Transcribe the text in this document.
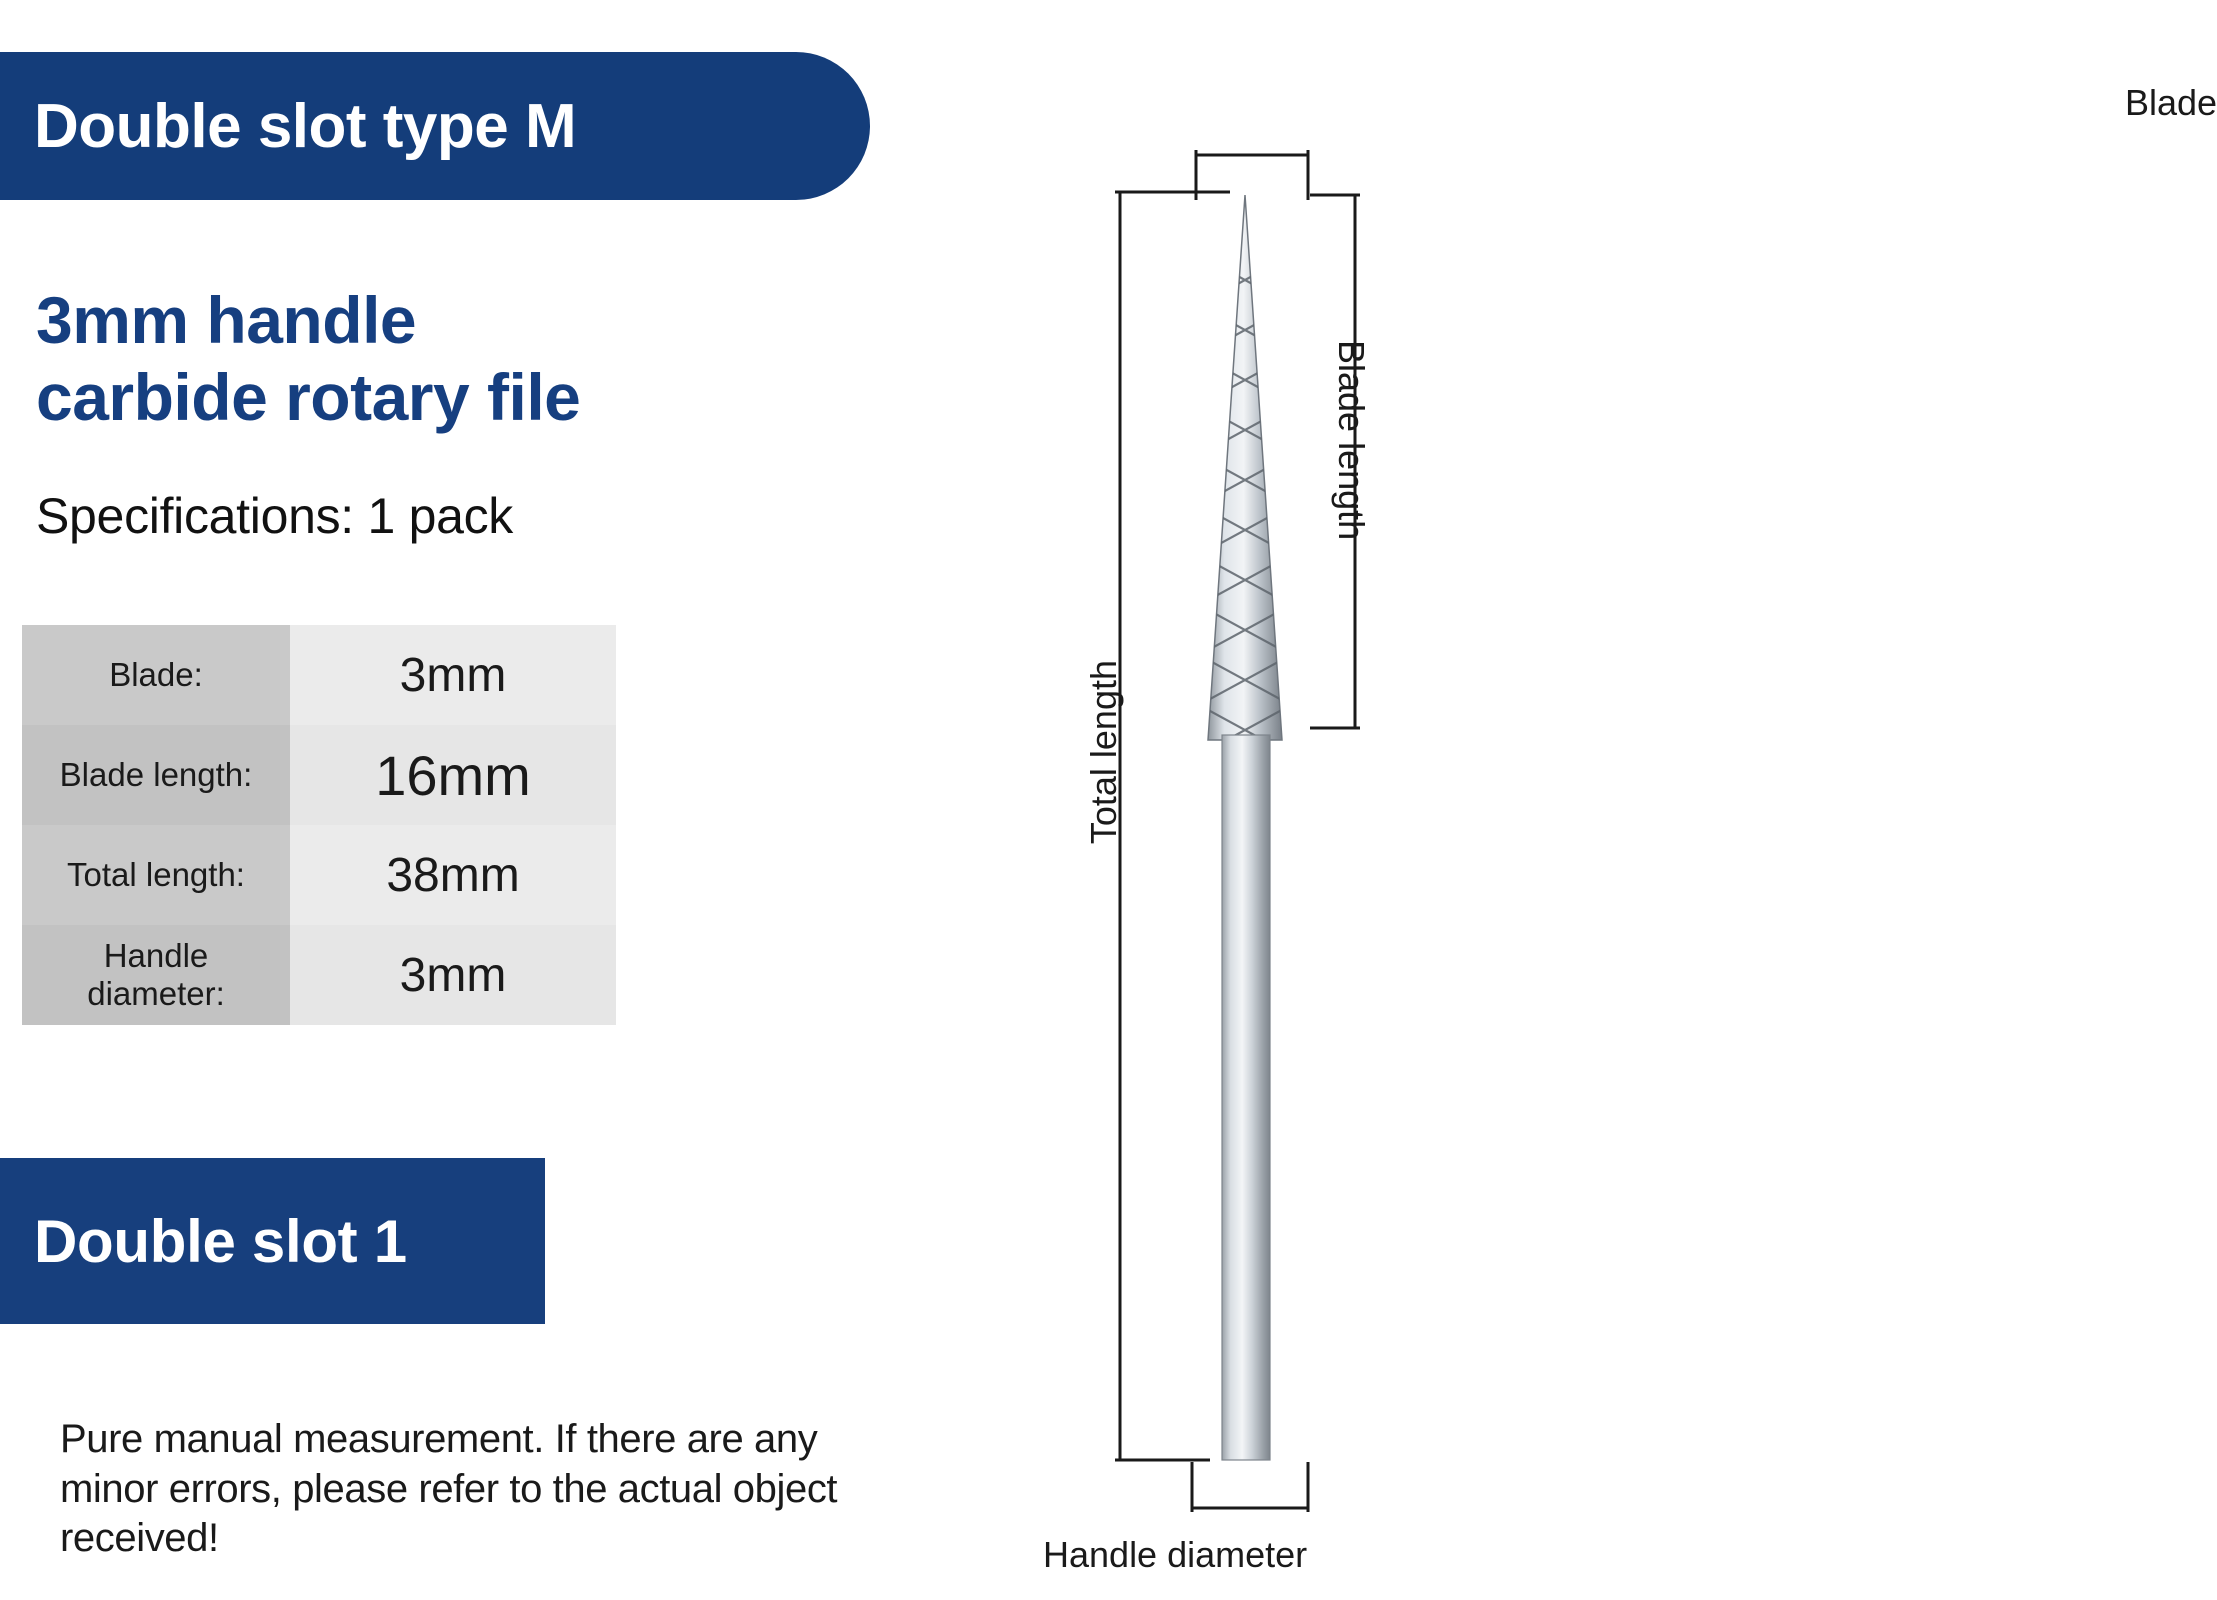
Double slot type M
3mm handle
carbide rotary file
Specifications: 1 pack
Blade:	3mm
Blade length:	16mm
Total length:	38mm
Handle diameter:	3mm
Double slot 1
Pure manual measurement. If there are any minor errors, please refer to the actual object received!
Blade
Blade length
Total length
Handle diameter
